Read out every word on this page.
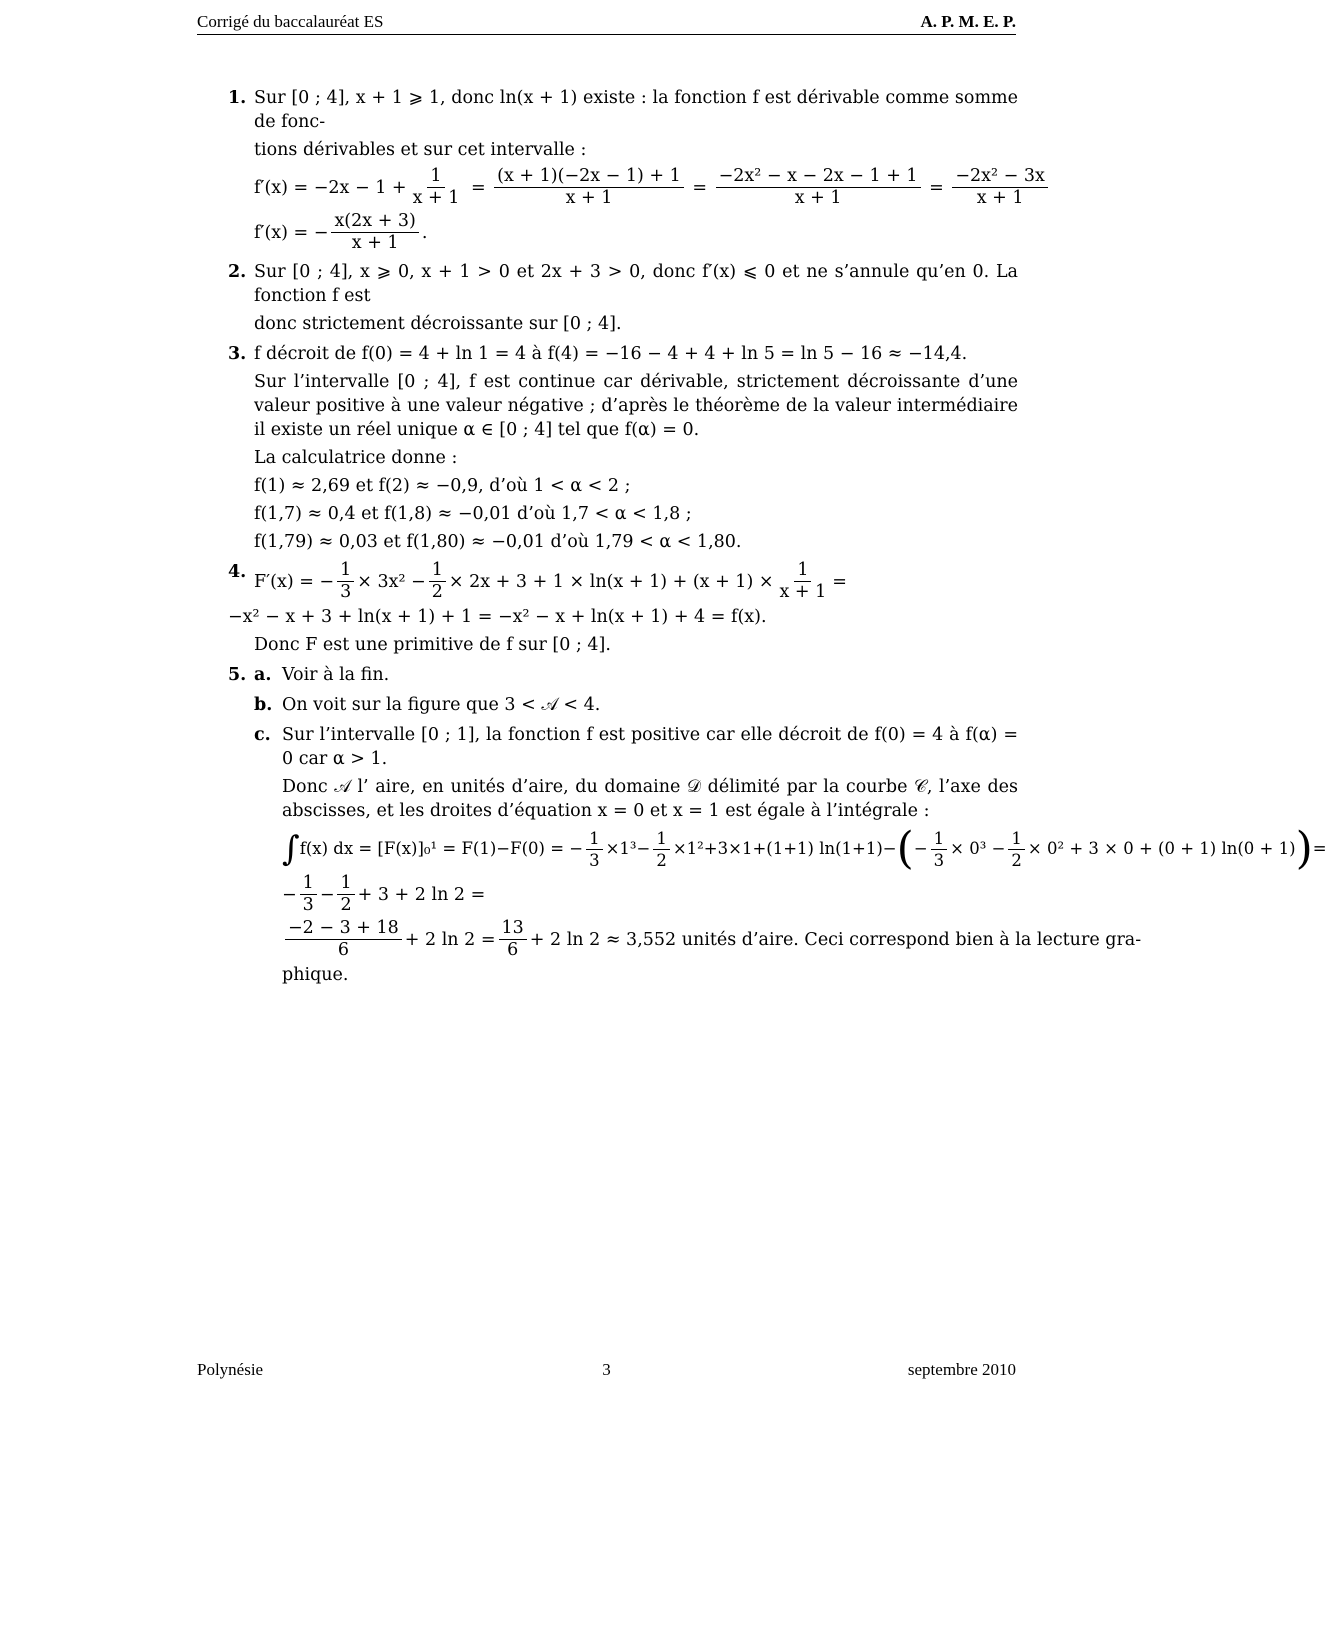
Corrigé du baccalauréat ES	A. P. M. E. P.
1. Sur [0 ; 4], x + 1 ⩾ 1, donc ln(x + 1) existe : la fonction f est dérivable comme somme de fonc-
tions dérivables et sur cet intervalle :
$f'(x) = -2x - 1 + \frac{1}{x + 1} = \frac{(x + 1)(-2x - 1) + 1}{x + 1} = \frac{\text{−2x² − x − 2x − 1 + 1}}{x + 1} = \frac{\text{−2x² − 3x}}{x + 1}$
f′(x) = − $\frac{x(2x + 3)}{x + 1}$ .
2. Sur [0 ; 4], x ⩾ 0, x + 1 > 0 et 2x + 3 > 0, donc f′(x) ⩽ 0 et ne s’annule qu’en 0. La fonction f est
donc strictement décroissante sur [0 ; 4].
3. f décroit de f(0) = 4 + ln 1 = 4 à f(4) = −16 − 4 + 4 + ln 5 = ln 5 − 16 ≈ −14,4.
Sur l’intervalle [0 ; 4], f est continue car dérivable, strictement décroissante d’une valeur positive à une valeur négative ; d’après le théorème de la valeur intermédiaire il existe un réel unique α ∈ [0 ; 4] tel que f(α) = 0.
La calculatrice donne :
f(1) ≈ 2,69 et f(2) ≈ −0,9, d’où 1 < α < 2 ;
f(1,7) ≈ 0,4 et f(1,8) ≈ −0,01 d’où 1,7 < α < 1,8 ;
f(1,79) ≈ 0,03 et f(1,80) ≈ −0,01 d’où 1,79 < α < 1,80.
4. F′(x) = − $\frac{1}{3} \times 3x^2 - \frac{1}{2} \times 2x + 3 + 1 \times \ln(x + 1) + (x + 1) \times \frac{1}{x + 1}$ =
−x² − x + 3 + ln(x + 1) + 1 = −x² − x + ln(x + 1) + 4 = f(x).
Donc F est une primitive de f sur [0 ; 4].
5. a. Voir à la fin.
b. On voit sur la figure que 3 < 𝒜 < 4.
c. Sur l’intervalle [0 ; 1], la fonction f est positive car elle décroit de f(0) = 4 à f(α) = 0 car α > 1.
Donc 𝒜 l’ aire, en unités d’aire, du domaine 𝒟 délimité par la courbe 𝒞, l’axe des abscisses, et les droites d’équation x = 0 et x = 1 est égale à l’intégrale :
∫ f(x) dx = [F(x)]₀¹ = F(1)−F(0) = − $\frac{1}{3} \times 1^3- \frac{1}{2} \times 1^2+3\times 1+(1+1)$ ln(1+1)− ( − $\frac{1}{3} \times 0^3 - \frac{1}{2} \times 0^2 + 3 \times 0 + (0 + 1) \ln(0 + 1)$ ) =
− $\frac{1}{3} - \frac{1}{2} + 3 + 2$ ln 2 =
$\frac{-2 - 3 + 18}{6} + 2$ $\ln 2 = \frac{13}{6} + 2$ ln 2 ≈ 3,552 unités d’aire. Ceci correspond bien à la lecture gra-
phique.
Polynésie	3	septembre 2010
